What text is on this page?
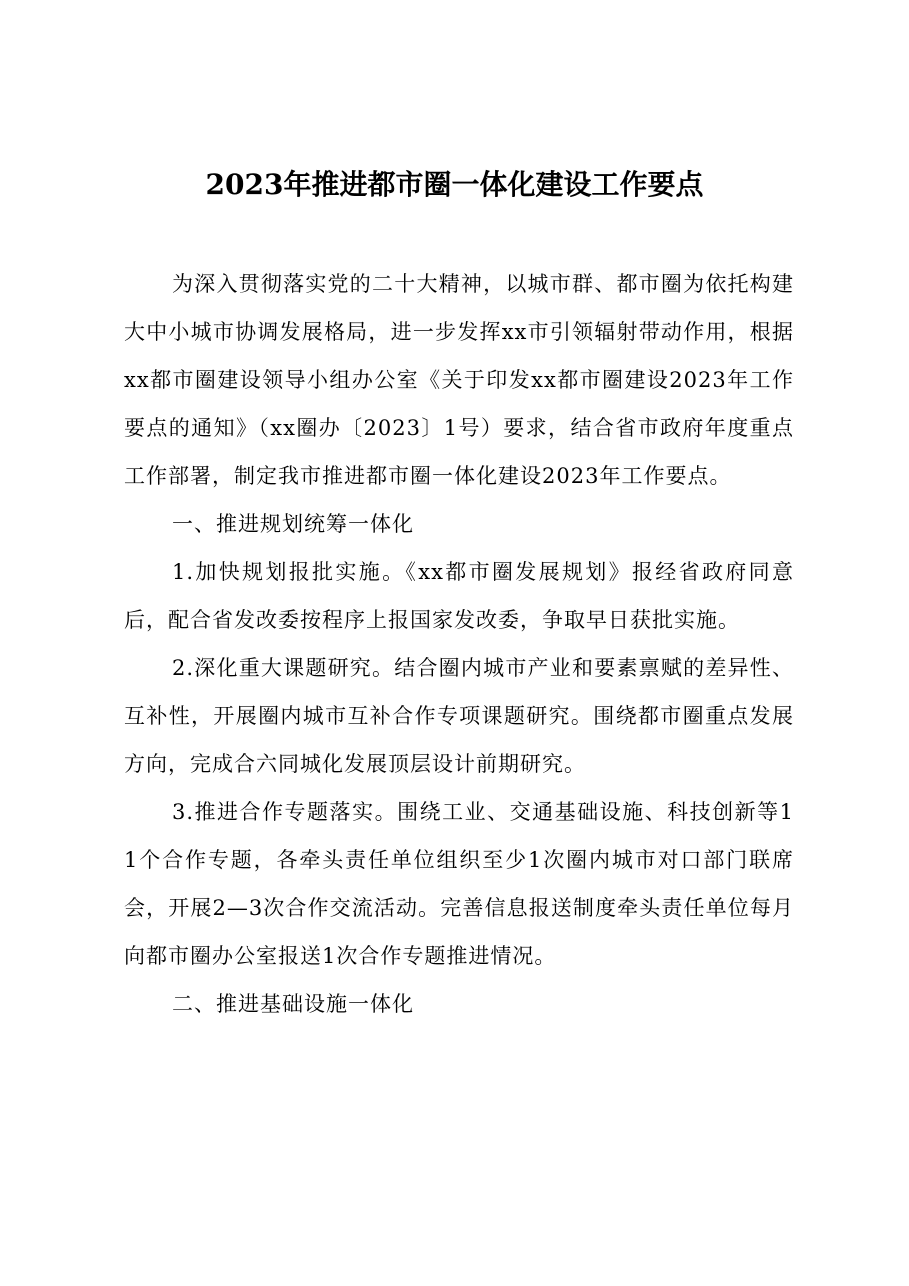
2023年推进都市圈一体化建设工作要点

为深入贯彻落实党的二十大精神，以城市群、都市圈为依托构建大中小城市协调发展格局，进一步发挥xx市引领辐射带动作用，根据xx都市圈建设领导小组办公室《关于印发xx都市圈建设2023年工作要点的通知》（xx圈办〔2023〕1号）要求，结合省市政府年度重点工作部署，制定我市推进都市圈一体化建设2023年工作要点。

一、推进规划统筹一体化

1.加快规划报批实施。《xx都市圈发展规划》报经省政府同意后，配合省发改委按程序上报国家发改委，争取早日获批实施。

2.深化重大课题研究。结合圈内城市产业和要素禀赋的差异性、互补性，开展圈内城市互补合作专项课题研究。围绕都市圈重点发展方向，完成合六同城化发展顶层设计前期研究。

3.推进合作专题落实。围绕工业、交通基础设施、科技创新等11个合作专题，各牵头责任单位组织至少1次圈内城市对口部门联席会，开展2—3次合作交流活动。完善信息报送制度牵头责任单位每月向都市圈办公室报送1次合作专题推进情况。

二、推进基础设施一体化
